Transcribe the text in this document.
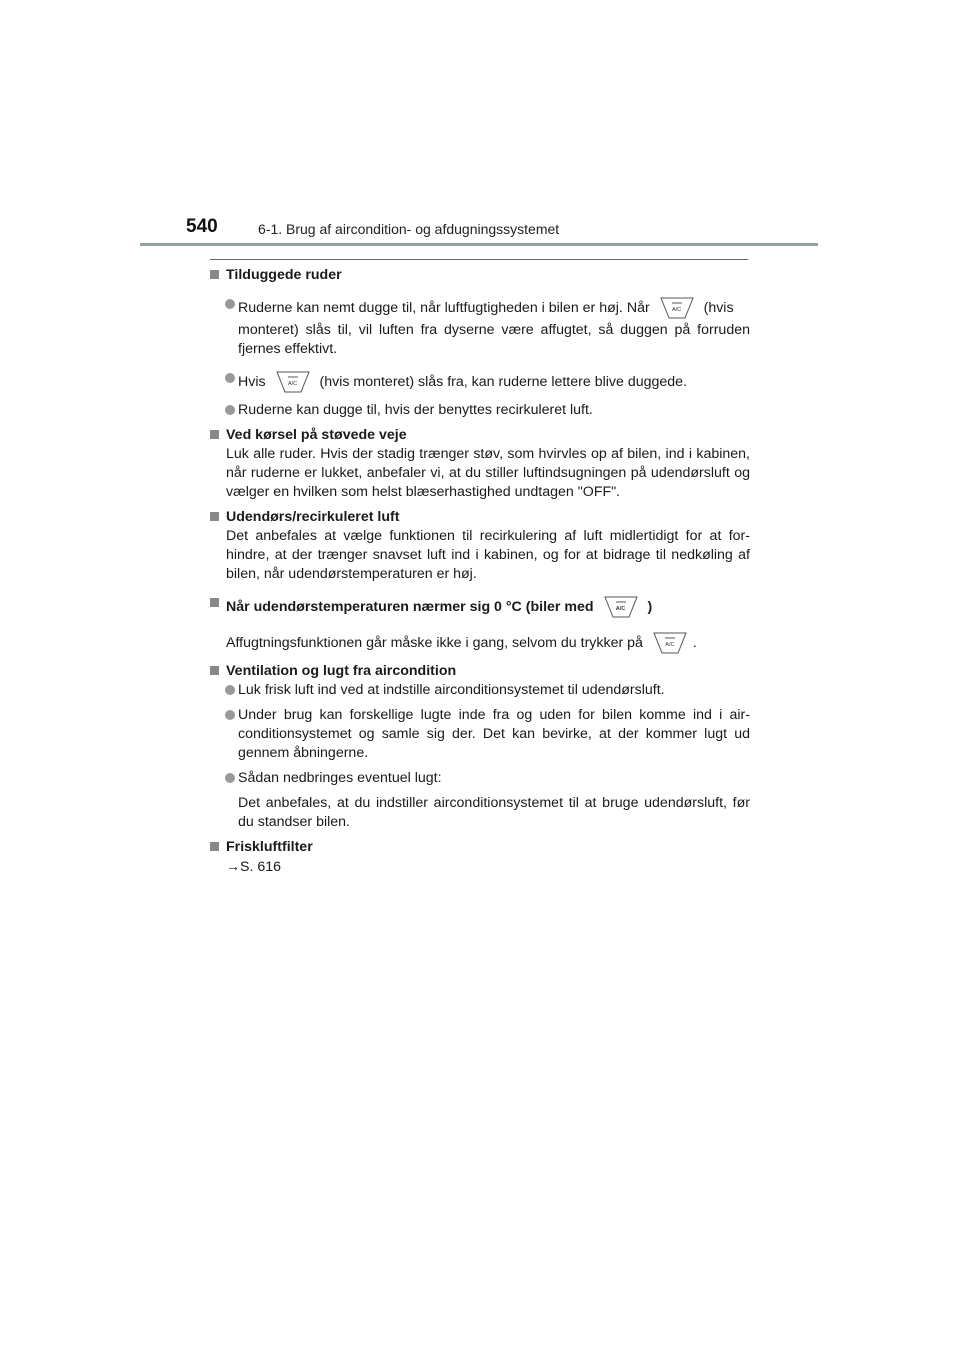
540	6-1. Brug af aircondition- og afdugningssystemet

Tilduggede ruder

Ruderne kan nemt dugge til, når luftfugtigheden i bilen er høj. Når	A/C	(hvis

monteret) slås til, vil luften fra dyserne være affugtet, så duggen på forruden fjernes effektivt.

Hvis	A/C	(hvis monteret) slås fra, kan ruderne lettere blive duggede.

Ruderne kan dugge til, hvis der benyttes recirkuleret luft.

Ved kørsel på støvede veje

Luk alle ruder. Hvis der stadig trænger støv, som hvirvles op af bilen, ind i kabinen, når ruderne er lukket, anbefaler vi, at du stiller luftindsugningen på udendørsluft og vælger en hvilken som helst blæserhastighed undtagen "OFF".

Udendørs/recirkuleret luft

Det anbefales at vælge funktionen til recirkulering af luft midlertidigt for at for-hindre, at der trænger snavset luft ind i kabinen, og for at bidrage til nedkøling af bilen, når udendørstemperaturen er høj.

Når udendørstemperaturen nærmer sig 0 °C (biler med	A/C	)

Affugtningsfunktionen går måske ikke i gang, selvom du trykker på	A/C	.

Ventilation og lugt fra aircondition

Luk frisk luft ind ved at indstille airconditionsystemet til udendørsluft.

Under brug kan forskellige lugte inde fra og uden for bilen komme ind i air-conditionsystemet og samle sig der. Det kan bevirke, at der kommer lugt ud gennem åbningerne.

Sådan nedbringes eventuel lugt:

Det anbefales, at du indstiller airconditionsystemet til at bruge udendørsluft, før du standser bilen.

Friskluftfilter

→S. 616
